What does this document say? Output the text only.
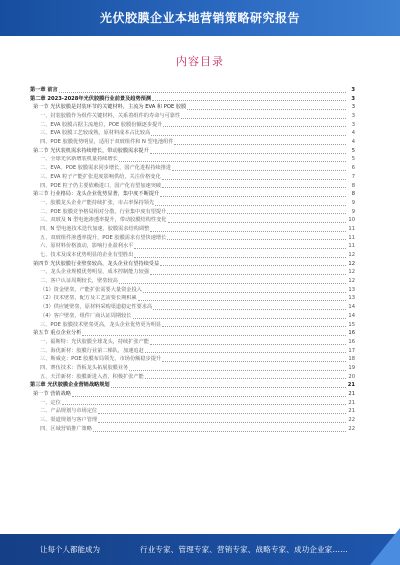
光伏胶膜企业本地营销策略研究报告
内容目录
第一章 前言	3
第二章 2023-2028年光伏胶膜行业前景及趋势预测	3
第一节 光伏胶膜是封装环节的关键材料，主流为 EVA 和 POE 胶膜	3
一、封装胶膜作为组件关键材料，关系着组件的寿命与可靠性	3
二、EVA 胶膜占据主流地位，POE 胶膜份额逐步提升	3
三、EVA 胶膜工艺较成熟，原材料成本占比较高	4
四、POE 胶膜优势明显，适用于双玻组件和 N 型电池组件	4
第二节 光伏装机需求持续增长，带动胶膜需求提升	5
一、全球光伏新增装机量持续增长	5
二、EVA、POE 胶膜需求同步增长，国产化进程持续推进	6
三、EVA 粒子产能扩张进度影响供给，关注价格变化	7
四、POE 粒子仍主要依赖进口，国产化有望加速突破	8
第三节 行业格局：龙头企业优势显著，集中度不断提升	8
一、胶膜龙头企业产能持续扩张，市占率保持领先	9
二、POE 胶膜竞争格局相对分散，行业集中度有望提升	9
三、双玻及 N 型电池渗透率提升，带动胶膜结构性变化	10
四、N 型电池技术迭代加速，胶膜需求结构调整	11
五、双玻组件渗透率提升，POE 胶膜需求有望快速增长	11
六、原材料价格波动，影响行业盈利水平	11
七、技术及成本优势明显的企业有望胜出	12
第四节 光伏胶膜行业壁垒较高，龙头企业有望持续受益	12
一、龙头企业规模优势明显，成本控制能力较强	12
二、客户认证周期较长，壁垒较高	12
（1）资金壁垒，产能扩张需要大量资金投入	13
（2）技术壁垒，配方及工艺需要长期积累	13
（3）供应链壁垒，原材料采购渠道稳定性要求高	14
（4）客户壁垒，组件厂商认证周期较长	14
三、POE 胶膜技术壁垒更高，龙头企业优势更为明显	15
第五节 重点企业分析	16
一、福斯特：光伏胶膜全球龙头，持续扩张产能	16
二、海优新材：胶膜行业第二梯队，加速追赶	17
三、斯威克：POE 胶膜布局领先，市场份额稳步提升	18
四、赛伍技术：背板龙头拓展胶膜业务	19
五、天洋新材：胶膜新进入者，积极扩张产能	20
第三章 光伏胶膜企业营销战略规划	21
第一节 营销战略	21
一、定位	21
二、产品规划与市场定位	21
三、渠道规划与客户管理	22
四、区域营销推广策略	22
让每个人都能成为	行业专家、管理专家、营销专家、战略专家、成功企业家……
